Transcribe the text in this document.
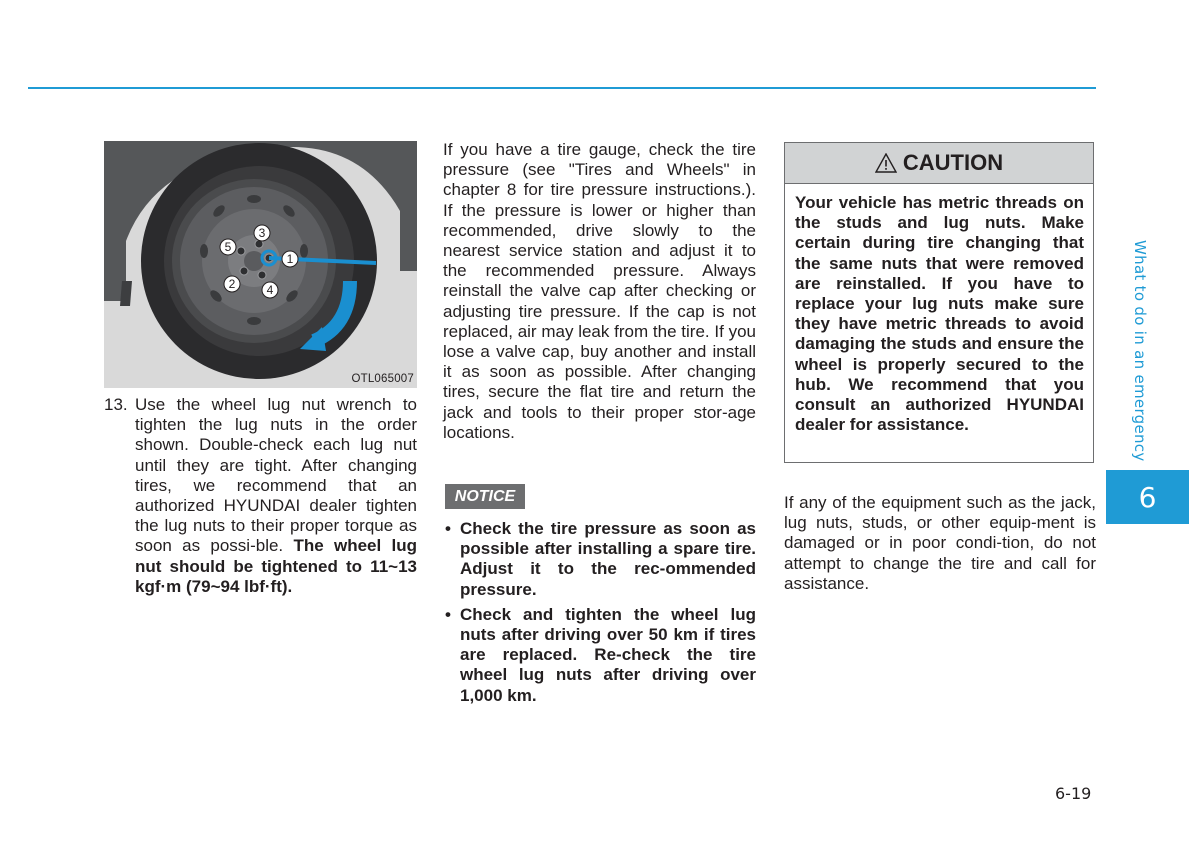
1
2
3
4
5
OTL065007
13. Use the wheel lug nut wrench to tighten the lug nuts in the order shown. Double-check each lug nut until they are tight. After changing tires, we recommend that an authorized HYUNDAI dealer tighten the lug nuts to their proper torque as soon as possi-ble. The wheel lug nut should be tightened to 11~13 kgf·m (79~94 lbf·ft).
If you have a tire gauge, check the tire pressure (see "Tires and Wheels" in chapter 8 for tire pressure instructions.). If the pressure is lower or higher than recommended, drive slowly to the nearest service station and adjust it to the recommended pressure. Always reinstall the valve cap after checking or adjusting tire pressure. If the cap is not replaced, air may leak from the tire. If you lose a valve cap, buy another and install it as soon as possible. After changing tires, secure the flat tire and return the jack and tools to their proper stor-age locations.
NOTICE
• Check the tire pressure as soon as possible after installing a spare tire. Adjust it to the rec-ommended pressure.
• Check and tighten the wheel lug nuts after driving over 50 km if tires are replaced. Re-check the tire wheel lug nuts after driving over 1,000 km.
CAUTION
Your vehicle has metric threads on the studs and lug nuts. Make certain during tire changing that the same nuts that were removed are reinstalled. If you have to replace your lug nuts make sure they have metric threads to avoid damaging the studs and ensure the wheel is properly secured to the hub. We recommend that you consult an authorized HYUNDAI dealer for assistance.
If any of the equipment such as the jack, lug nuts, studs, or other equip-ment is damaged or in poor condi-tion, do not attempt to change the tire and call for assistance.
What to do in an emergency
6
6-19
